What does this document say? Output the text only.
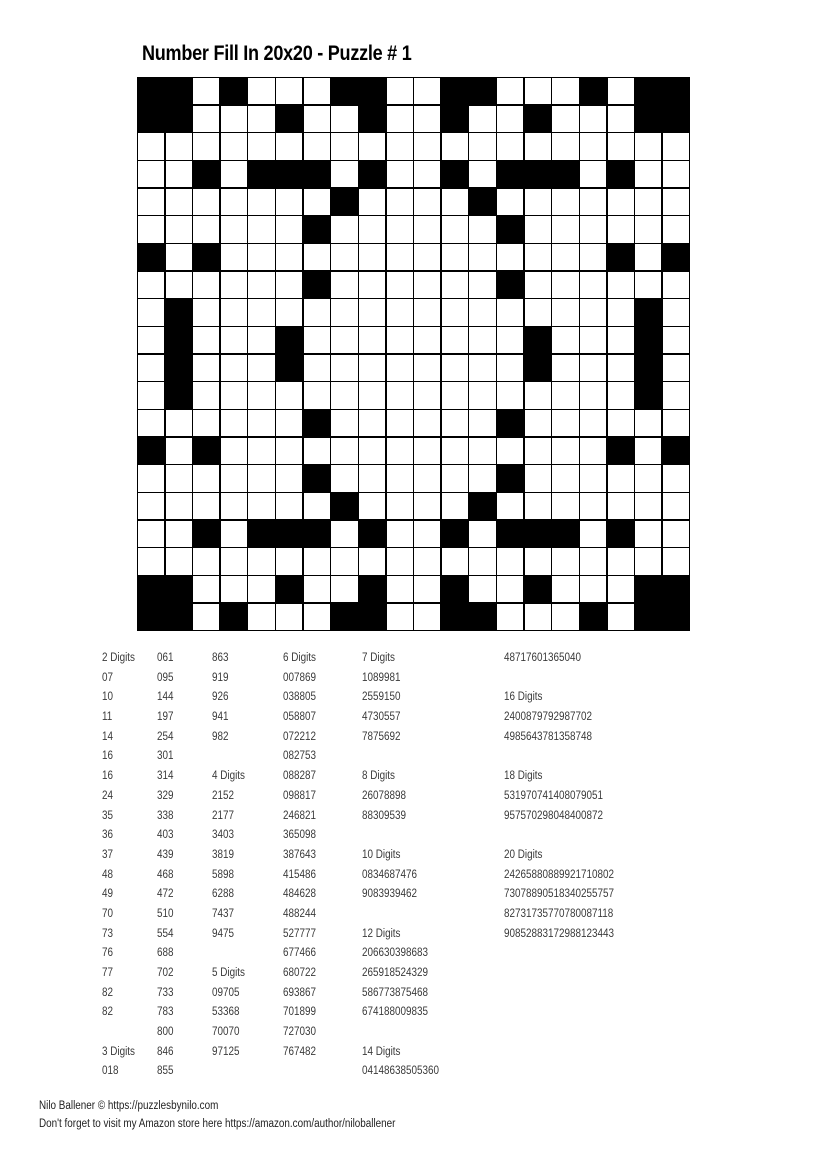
Number Fill In 20x20 - Puzzle # 1
2 Digits
07
10
11
14
16
16
24
35
36
37
48
49
70
73
76
77
82
82
3 Digits
018
061
095
144
197
254
301
314
329
338
403
439
468
472
510
554
688
702
733
783
800
846
855
863
919
926
941
982
4 Digits
2152
2177
3403
3819
5898
6288
7437
9475
5 Digits
09705
53368
70070
97125
6 Digits
007869
038805
058807
072212
082753
088287
098817
246821
365098
387643
415486
484628
488244
527777
677466
680722
693867
701899
727030
767482
7 Digits
1089981
2559150
4730557
7875692
8 Digits
26078898
88309539
10 Digits
0834687476
9083939462
12 Digits
206630398683
265918524329
586773875468
674188009835
14 Digits
04148638505360
48717601365040
16 Digits
2400879792987702
4985643781358748
18 Digits
531970741408079051
957570298048400872
20 Digits
24265880889921710802
73078890518340255757
82731735770780087118
90852883172988123443
Nilo Ballener © https://puzzlesbynilo.com
Don't forget to visit my Amazon store here https://amazon.com/author/niloballener
